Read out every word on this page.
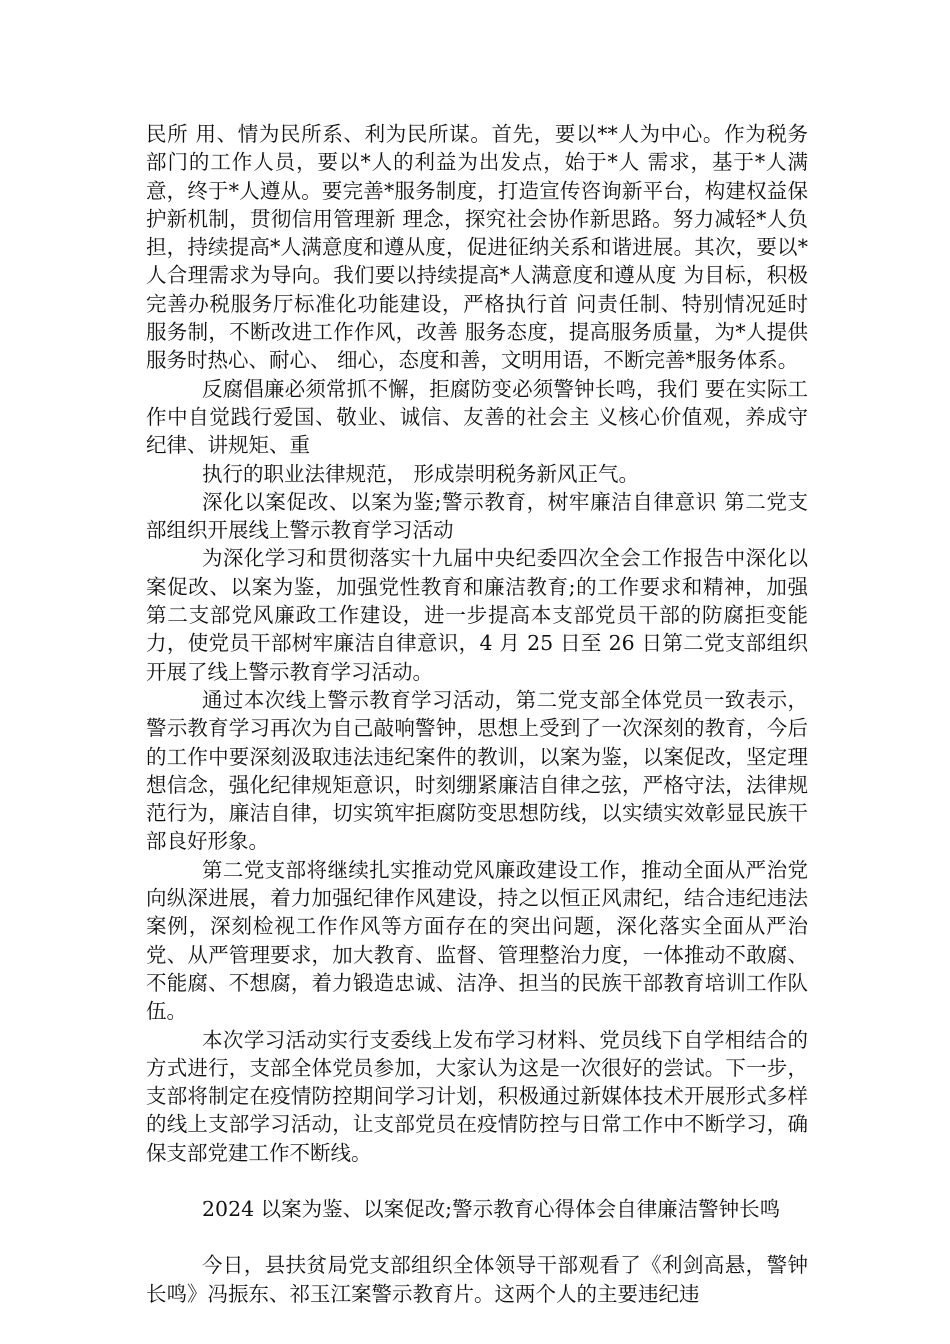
民所 用、情为民所系、利为民所谋。首先，要以**人为中心。作为税务部门的工作人员，要以*人的利益为出发点，始于*人 需求，基于*人满意，终于*人遵从。要完善*服务制度，打造宣传咨询新平台，构建权益保护新机制，贯彻信用管理新 理念，探究社会协作新思路。努力减轻*人负担，持续提高*人满意度和遵从度，促进征纳关系和谐进展。其次，要以*人合理需求为导向。我们要以持续提高*人满意度和遵从度 为目标，积极完善办税服务厅标准化功能建设，严格执行首 问责任制、特别情况延时服务制，不断改进工作作风，改善 服务态度，提高服务质量，为*人提供服务时热心、耐心、 细心，态度和善，文明用语，不断完善*服务体系。

反腐倡廉必须常抓不懈，拒腐防变必须警钟长鸣，我们 要在实际工作中自觉践行爱国、敬业、诚信、友善的社会主 义核心价值观，养成守纪律、讲规矩、重

执行的职业法律规范， 形成崇明税务新风正气。

深化以案促改、以案为鉴;警示教育，树牢廉洁自律意识 第二党支部组织开展线上警示教育学习活动

为深化学习和贯彻落实十九届中央纪委四次全会工作报告中深化以案促改、以案为鉴，加强党性教育和廉洁教育;的工作要求和精神，加强第二支部党风廉政工作建设，进一步提高本支部党员干部的防腐拒变能力，使党员干部树牢廉洁自律意识，4 月 25 日至 26 日第二党支部组织开展了线上警示教育学习活动。

通过本次线上警示教育学习活动，第二党支部全体党员一致表示，警示教育学习再次为自己敲响警钟，思想上受到了一次深刻的教育，今后的工作中要深刻汲取违法违纪案件的教训，以案为鉴，以案促改，坚定理想信念，强化纪律规矩意识，时刻绷紧廉洁自律之弦，严格守法，法律规范行为，廉洁自律，切实筑牢拒腐防变思想防线，以实绩实效彰显民族干部良好形象。

第二党支部将继续扎实推动党风廉政建设工作，推动全面从严治党向纵深进展，着力加强纪律作风建设，持之以恒正风肃纪，结合违纪违法案例，深刻检视工作作风等方面存在的突出问题，深化落实全面从严治党、从严管理要求，加大教育、监督、管理整治力度，一体推动不敢腐、不能腐、不想腐，着力锻造忠诚、洁净、担当的民族干部教育培训工作队伍。

本次学习活动实行支委线上发布学习材料、党员线下自学相结合的方式进行，支部全体党员参加，大家认为这是一次很好的尝试。下一步，支部将制定在疫情防控期间学习计划，积极通过新媒体技术开展形式多样的线上支部学习活动，让支部党员在疫情防控与日常工作中不断学习，确保支部党建工作不断线。

2024 以案为鉴、以案促改;警示教育心得体会自律廉洁警钟长鸣

今日，县扶贫局党支部组织全体领导干部观看了《利剑高悬，警钟长鸣》冯振东、祁玉江案警示教育片。这两个人的主要违纪违
